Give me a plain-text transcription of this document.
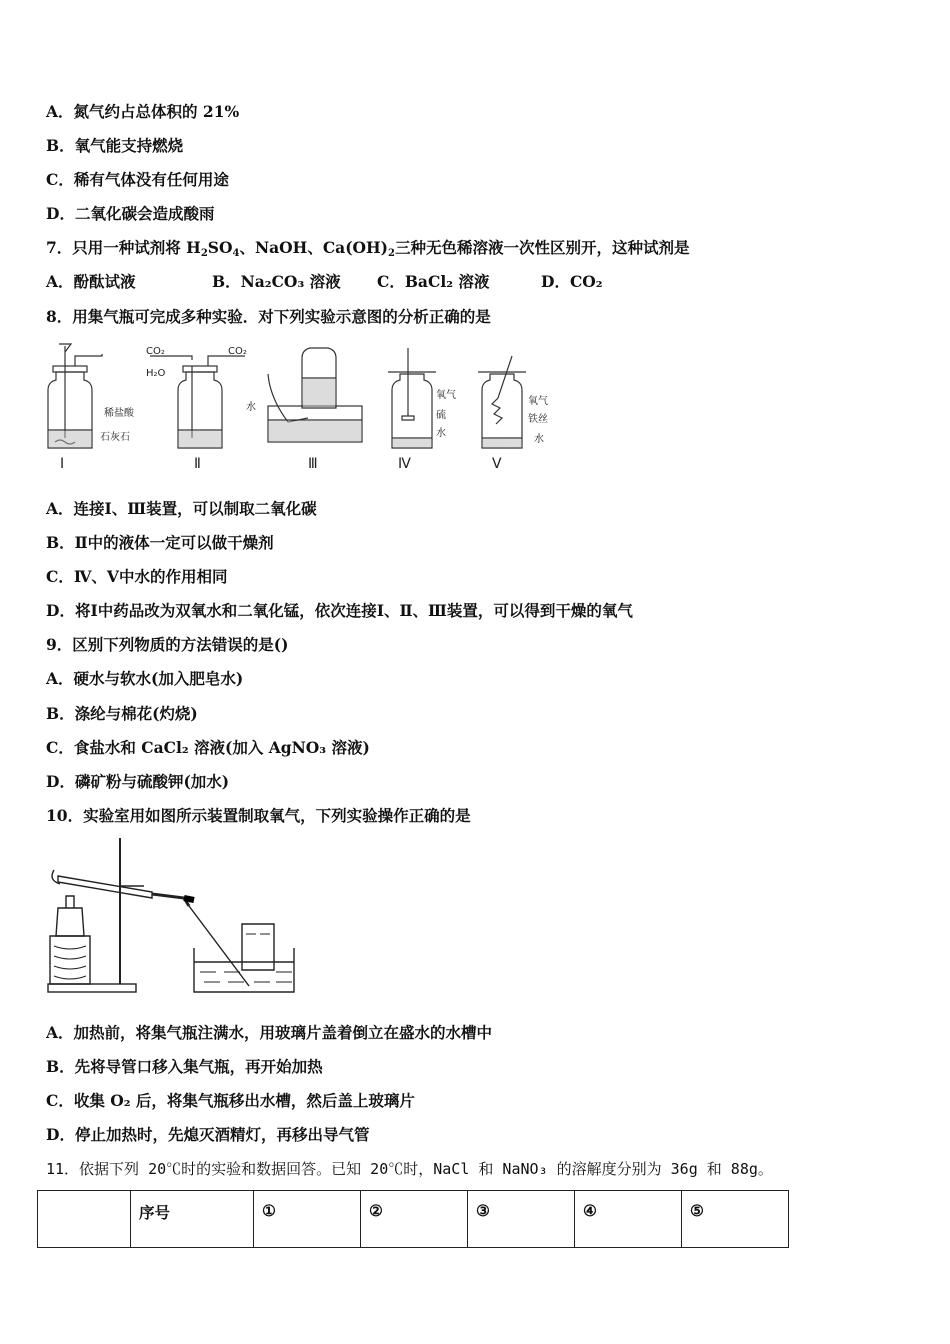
A．氮气约占总体积的 21%
B．氧气能支持燃烧
C．稀有气体没有任何用途
D．二氧化碳会造成酸雨
7．只用一种试剂将 $H_2SO_4$、NaOH、$Ca(OH)_2$三种无色稀溶液一次性区别开，这种试剂是
A．酚酞试液	B．Na₂CO₃ 溶液 C．BaCl₂ 溶液	D．CO₂
8．用集气瓶可完成多种实验．对下列实验示意图的分析正确的是
稀盐酸
石灰石
CO₂
H₂O
CO₂
水
氧气
硫
水
氧气
铁丝
水
Ⅰ	Ⅱ	Ⅲ	Ⅳ	Ⅴ
A．连接Ⅰ、Ⅲ装置，可以制取二氧化碳
B．Ⅱ中的液体一定可以做干燥剂
C．Ⅳ、Ⅴ中水的作用相同
D．将Ⅰ中药品改为双氧水和二氧化锰，依次连接Ⅰ、Ⅱ、Ⅲ装置，可以得到干燥的氧气
9．区别下列物质的方法错误的是()
A．硬水与软水(加入肥皂水)
B．涤纶与棉花(灼烧)
C．食盐水和 CaCl₂ 溶液(加入 AgNO₃ 溶液)
D．磷矿粉与硫酸钾(加水)
10．实验室用如图所示装置制取氧气，下列实验操作正确的是
A．加热前，将集气瓶注满水，用玻璃片盖着倒立在盛水的水槽中
B．先将导管口移入集气瓶，再开始加热
C．收集 O₂ 后，将集气瓶移出水槽，然后盖上玻璃片
D．停止加热时，先熄灭酒精灯，再移出导气管
11．依据下列 20℃时的实验和数据回答。已知 20℃时，NaCl 和 NaNO₃ 的溶解度分别为 36g 和 88g。
	序号	①	②	③	④	⑤
